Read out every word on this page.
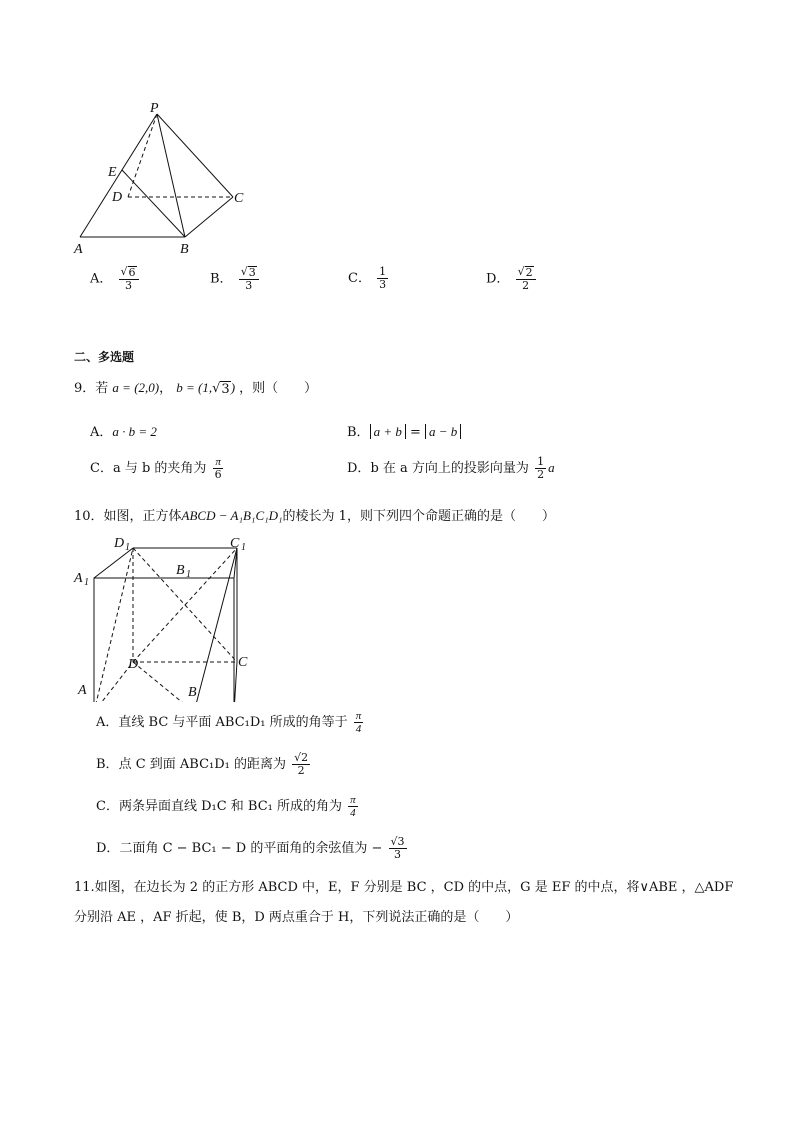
P
E
D	C
A	B
A． $\frac{√ 6}{3}$	B． $\frac{√ 3}{3}$	C． $\frac{1}{3}$	D． $\frac{√ 2}{2}$
二、多选题
9．若 a = (2,0)， b = (1,√ 3 ) ，则（　　）
A．a · b = 2	B． a + b = a − b
C．a 与 b 的夹角为 $\frac{\pi}{6}$	D．b 在 a 方向上的投影向量为 $\frac{1}{2}$ a
10．如图，正方体ABCD − A₁B₁C₁D₁的棱长为 1，则下列四个命题正确的是（　　）
D 1	C 1
A 1
B 1
D	C
A	B
A．直线 BC 与平面 ABC₁D₁ 所成的角等于 $\frac{\pi}{4}$
B．点 C 到面 ABC₁D₁ 的距离为 $\frac{√2}{2}$
C．两条异面直线 D₁C 和 BC₁ 所成的角为 $\frac{\pi}{4}$
D．二面角 C − BC₁ − D 的平面角的余弦值为 − $\frac{√3}{3}$
11.如图，在边长为 2 的正方形 ABCD 中，E，F 分别是 BC ，CD 的中点，G 是 EF 的中点，将∨ABE ，△ADF
分别沿 AE ，AF 折起，使 B，D 两点重合于 H，下列说法正确的是（　　）
